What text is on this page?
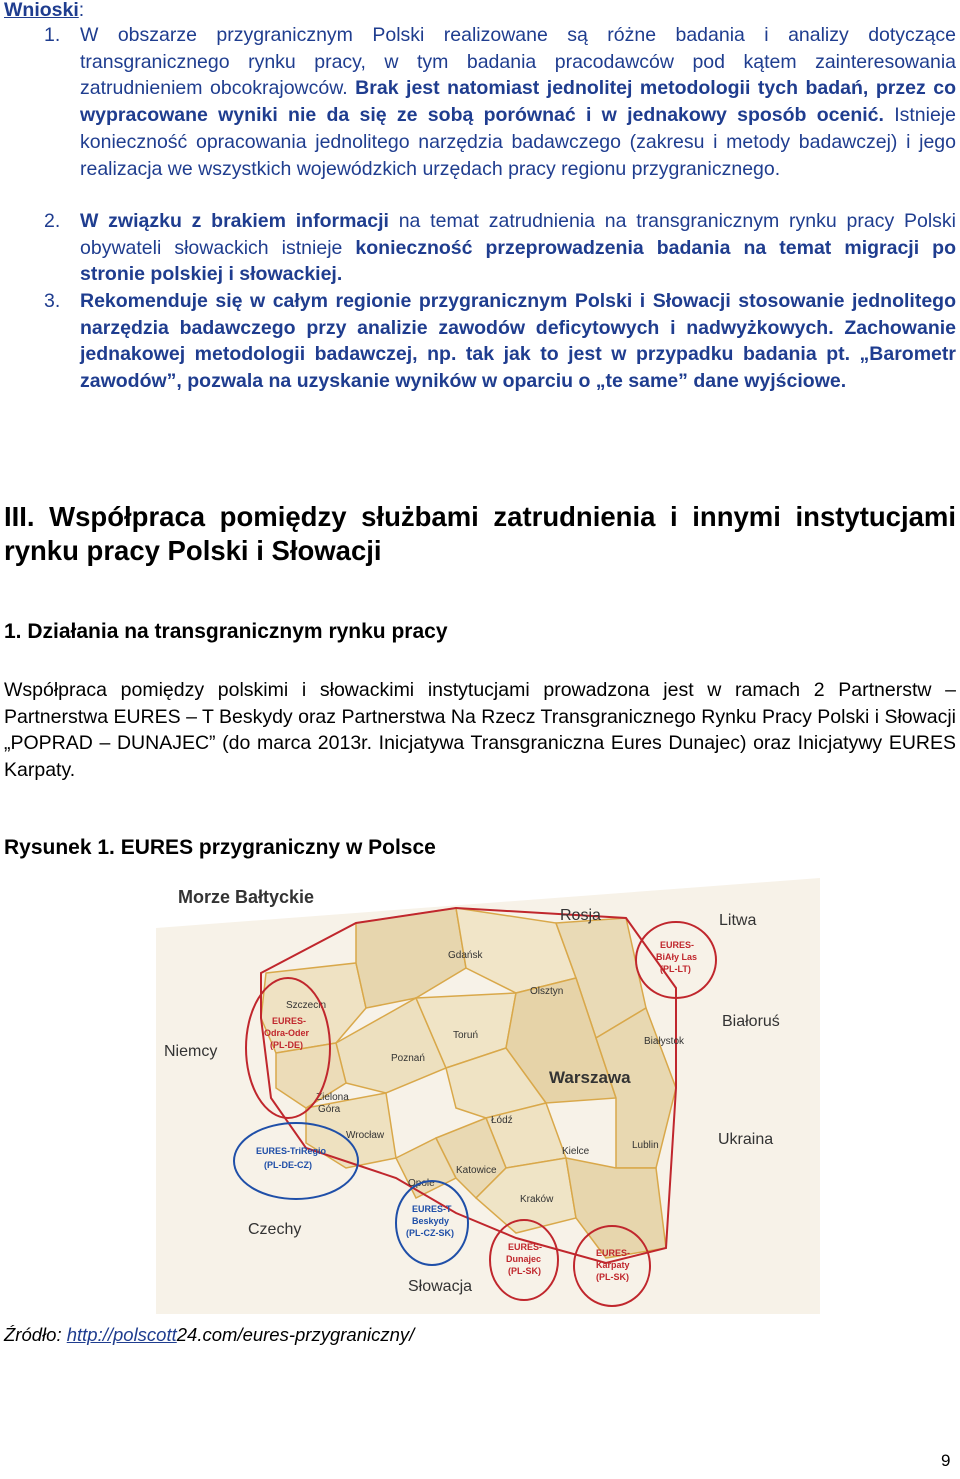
Wnioski:
1. W obszarze przygranicznym Polski realizowane są różne badania i analizy dotyczące transgranicznego rynku pracy, w tym badania pracodawców pod kątem zainteresowania zatrudnieniem obcokrajowców. Brak jest natomiast jednolitej metodologii tych badań, przez co wypracowane wyniki nie da się ze sobą porównać i w jednakowy sposób ocenić. Istnieje konieczność opracowania jednolitego narzędzia badawczego (zakresu i metody badawczej) i jego realizacja we wszystkich wojewódzkich urzędach pracy regionu przygranicznego.
2. W związku z brakiem informacji na temat zatrudnienia na transgranicznym rynku pracy Polski obywateli słowackich istnieje konieczność przeprowadzenia badania na temat migracji po stronie polskiej i słowackiej.
3. Rekomenduje się w całym regionie przygranicznym Polski i Słowacji stosowanie jednolitego narzędzia badawczego przy analizie zawodów deficytowych i nadwyżkowych. Zachowanie jednakowej metodologii badawczej, np. tak jak to jest w przypadku badania pt. „Barometr zawodów”, pozwala na uzyskanie wyników w oparciu o „te same” dane wyjściowe.
III. Współpraca pomiędzy służbami zatrudnienia i innymi instytucjami rynku pracy Polski i Słowacji
1. Działania na transgranicznym rynku pracy
Współpraca pomiędzy polskimi i słowackimi instytucjami prowadzona jest w ramach 2 Partnerstw – Partnerstwa EURES – T Beskydy oraz Partnerstwa Na Rzecz Transgranicznego Rynku Pracy Polski i Słowacji „POPRAD – DUNAJEC” (do marca 2013r. Inicjatywa Transgraniczna Eures Dunajec) oraz Inicjatywy EURES Karpaty.
Rysunek 1. EURES przygraniczny w Polsce
Morze Bałtyckie
Rosja	Litwa
Białoruś
Ukraina
Niemcy
Czechy
Słowacja
Gdańsk
Olsztyn
Szczecin
Toruń
Białystok
Poznań
Zielona
Góra
Łódź
Wrocław
Kielce
Lublin
Opole
Katowice
Kraków
Warszawa
EURES-
Odra-Oder
(PL-DE)
EURES-
BiAły Las
(PL-LT)
EURES-TriRegio
(PL-DE-CZ)
EURES-T
Beskydy
(PL-CZ-SK)
EURES-
Dunajec
(PL-SK)
EURES-
Karpaty
(PL-SK)
Źródło: http://polscott24.com/eures-przygraniczny/
9
